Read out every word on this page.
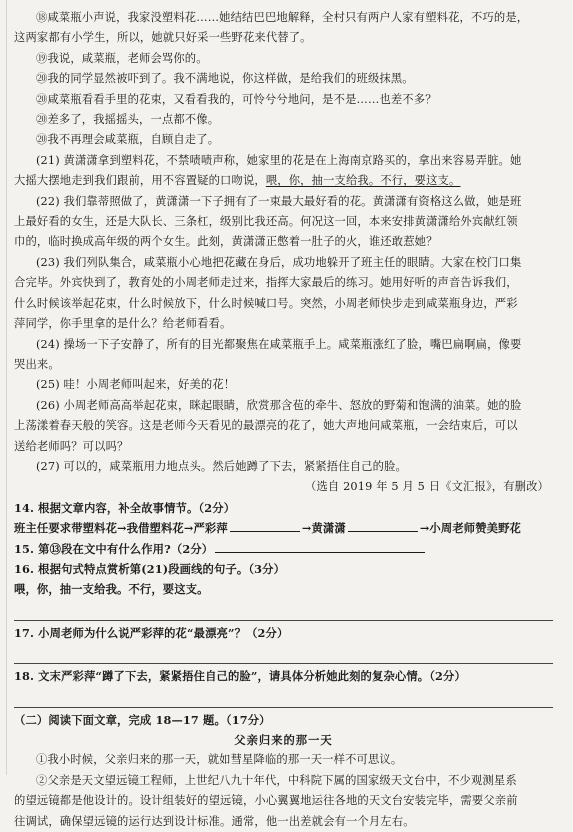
⑱咸菜瓶小声说，我家没塑料花……她结结巴巴地解释，全村只有两户人家有塑料花，不巧的是，
这两家都有小学生，所以，她就只好采一些野花来代替了。
⑲我说，咸菜瓶，老师会骂你的。
⑳我的同学显然被吓到了。我不满地说，你这样做，是给我们的班级抹黑。
⑳咸菜瓶看看手里的花束，又看看我的，可怜兮兮地问，是不是……也差不多？
⑳差多了，我摇摇头，一点都不像。
⑳我不再理会咸菜瓶，自顾自走了。
(21) 黄潇潇拿到塑料花，不禁啧啧声称，她家里的花是在上海南京路买的，拿出来容易弄脏。她
大摇大摆地走到我们跟前，用不容置疑的口吻说，喂，你，抽一支给我。不行，要这支。
(22) 我们靠蒂照做了，黄潇潇一下子拥有了一束最大最好看的花。黄潇潇有资格这么做，她是班
上最好看的女生，还是大队长、三条杠，级别比我还高。何况这一回，本来安排黄潇潇给外宾献红领
巾的，临时换成高年级的两个女生。此刻，黄潇潇正憋着一肚子的火，谁还敢惹她？
(23) 我们列队集合，咸菜瓶小心地把花藏在身后，成功地躲开了班主任的眼睛。大家在校门口集
合完毕。外宾快到了，教育处的小周老师走过来，指挥大家最后的练习。她用好听的声音告诉我们，
什么时候该举起花束，什么时候放下，什么时候喊口号。突然，小周老师快步走到咸菜瓶身边，严彩
萍同学，你手里拿的是什么？给老师看看。
(24) 操场一下子安静了，所有的目光都聚焦在咸菜瓶手上。咸菜瓶涨红了脸，嘴巴扁啊扁，像要
哭出来。
(25) 哇！小周老师叫起来，好美的花！
(26) 小周老师高高举起花束，眯起眼睛，欣赏那含苞的牵牛、怒放的野菊和饱满的油菜。她的脸
上荡漾着春天般的笑容。这是老师今天看见的最漂亮的花了，她大声地问咸菜瓶，一会结束后，可以
送给老师吗？可以吗？
(27) 可以的，咸菜瓶用力地点头。然后她蹲了下去，紧紧捂住自己的脸。
（选自 2019 年 5 月 5 日《文汇报》，有删改）
14. 根据文章内容，补全故事情节。（2分）
班主任要求带塑料花→我借塑料花→严彩萍	→黄潇潇	→小周老师赞美野花
15. 第⑬段在文中有什么作用?（2分）
16. 根据句式特点赏析第(21)段画线的句子。（3分）
喂，你，抽一支给我。不行，要这支。
17. 小周老师为什么说严彩萍的花“最漂亮”？（2分）
18. 文末严彩萍“蹲了下去，紧紧捂住自己的脸”，请具体分析她此刻的复杂心情。（2分）
（二）阅读下面文章，完成 18—17 题。（17分）
父亲归来的那一天
①我小时候，父亲归来的那一天，就如彗星降临的那一天一样不可思议。
②父亲是天文望远镜工程师，上世纪八九十年代，中科院下属的国家级天文台中，不少观测星系
的望远镜都是他设计的。设计组装好的望远镜，小心翼翼地运往各地的天文台安装完毕，需要父亲前
往调试，确保望远镜的运行达到设计标准。通常，他一出差就会有一个月左右。
